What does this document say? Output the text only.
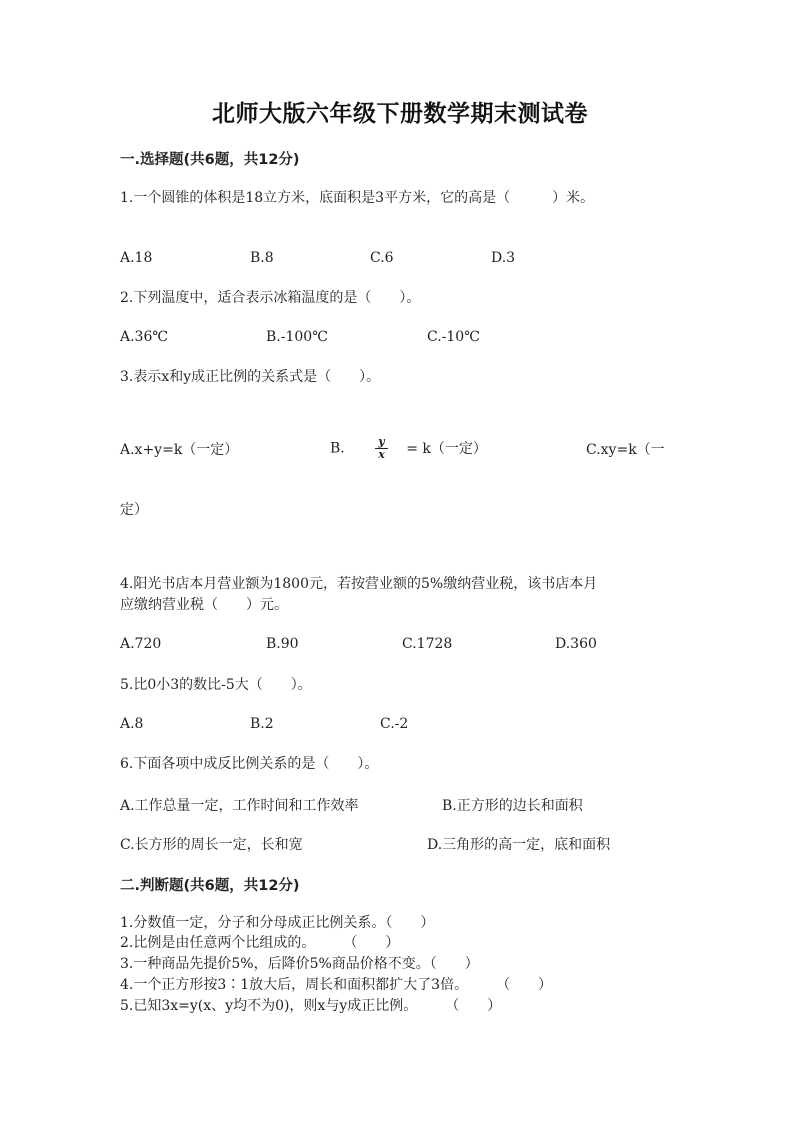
北师大版六年级下册数学期末测试卷
一.选择题(共6题，共12分)
1.一个圆锥的体积是18立方米，底面积是3平方米，它的高是（　　　）米。
A.18	B.8	C.6	D.3
2.下列温度中，适合表示冰箱温度的是（　　）。
A.36℃	B.-100℃	C.-10℃
3.表示x和y成正比例的关系式是（　　）。
A.x+y=k（一定）	B.	$\frac{y}{x} = k$（一定）	C.xy=k（一
定）
4.阳光书店本月营业额为1800元，若按营业额的5%缴纳营业税，该书店本月
应缴纳营业税（　　）元。
A.720	B.90	C.1728	D.360
5.比0小3的数比-5大（　　）。
A.8	B.2	C.-2
6.下面各项中成反比例关系的是（　　）。
A.工作总量一定，工作时间和工作效率	B.正方形的边长和面积
C.长方形的周长一定，长和宽	D.三角形的高一定，底和面积
二.判断题(共6题，共12分)
1.分数值一定，分子和分母成正比例关系。（　　）
2.比例是由任意两个比组成的。　　　（　　）
3.一种商品先提价5%，后降价5%商品价格不变。（　　）
4.一个正方形按3∶1放大后，周长和面积都扩大了3倍。　　　（　　）
5.已知3x=y(x、y均不为0)，则x与y成正比例。　　　（　　）
